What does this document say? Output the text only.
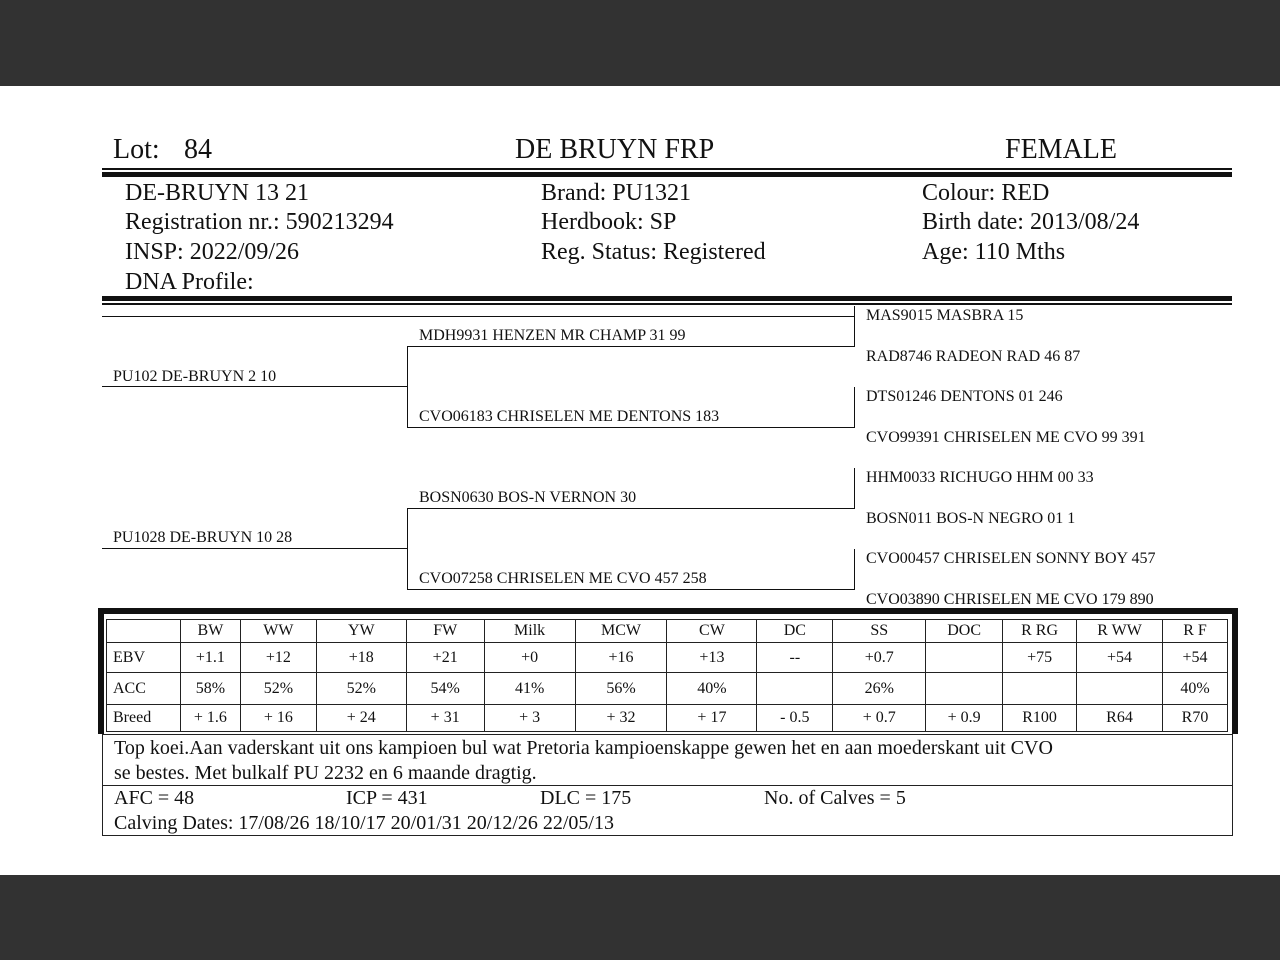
Lot: 84	DE BRUYN FRP	FEMALE
DE-BRUYN 13 21
Registration nr.: 590213294
INSP: 2022/09/26
DNA Profile:
Brand: PU1321
Herdbook: SP
Reg. Status: Registered
Colour: RED
Birth date: 2013/08/24
Age: 110 Mths
PU102 DE-BRUYN 2 10
PU1028 DE-BRUYN 10 28
MDH9931 HENZEN MR CHAMP 31 99
CVO06183 CHRISELEN ME DENTONS 183
BOSN0630 BOS-N VERNON 30
CVO07258 CHRISELEN ME CVO 457 258
MAS9015 MASBRA 15
RAD8746 RADEON RAD 46 87
DTS01246 DENTONS 01 246
CVO99391 CHRISELEN ME CVO 99 391
HHM0033 RICHUGO HHM 00 33
BOSN011 BOS-N NEGRO 01 1
CVO00457 CHRISELEN SONNY BOY 457
CVO03890 CHRISELEN ME CVO 179 890
	BW	WW	YW	FW	Milk	MCW	CW	DC	SS	DOC	R RG	R WW	R F
EBV	+1.1	+12	+18	+21	+0	+16	+13	--	+0.7		+75	+54	+54
ACC	58%	52%	52%	54%	41%	56%	40%		26%				40%
Breed	+ 1.6	+ 16	+ 24	+ 31	+ 3	+ 32	+ 17	- 0.5	+ 0.7	+ 0.9	R100	R64	R70
Top koei.Aan vaderskant uit ons kampioen bul wat Pretoria kampioenskappe gewen het en aan moederskant uit CVO
se bestes. Met bulkalf PU 2232 en 6 maande dragtig.
AFC = 48	ICP = 431	DLC = 175	No. of Calves = 5
Calving Dates: 17/08/26 18/10/17 20/01/31 20/12/26 22/05/13
